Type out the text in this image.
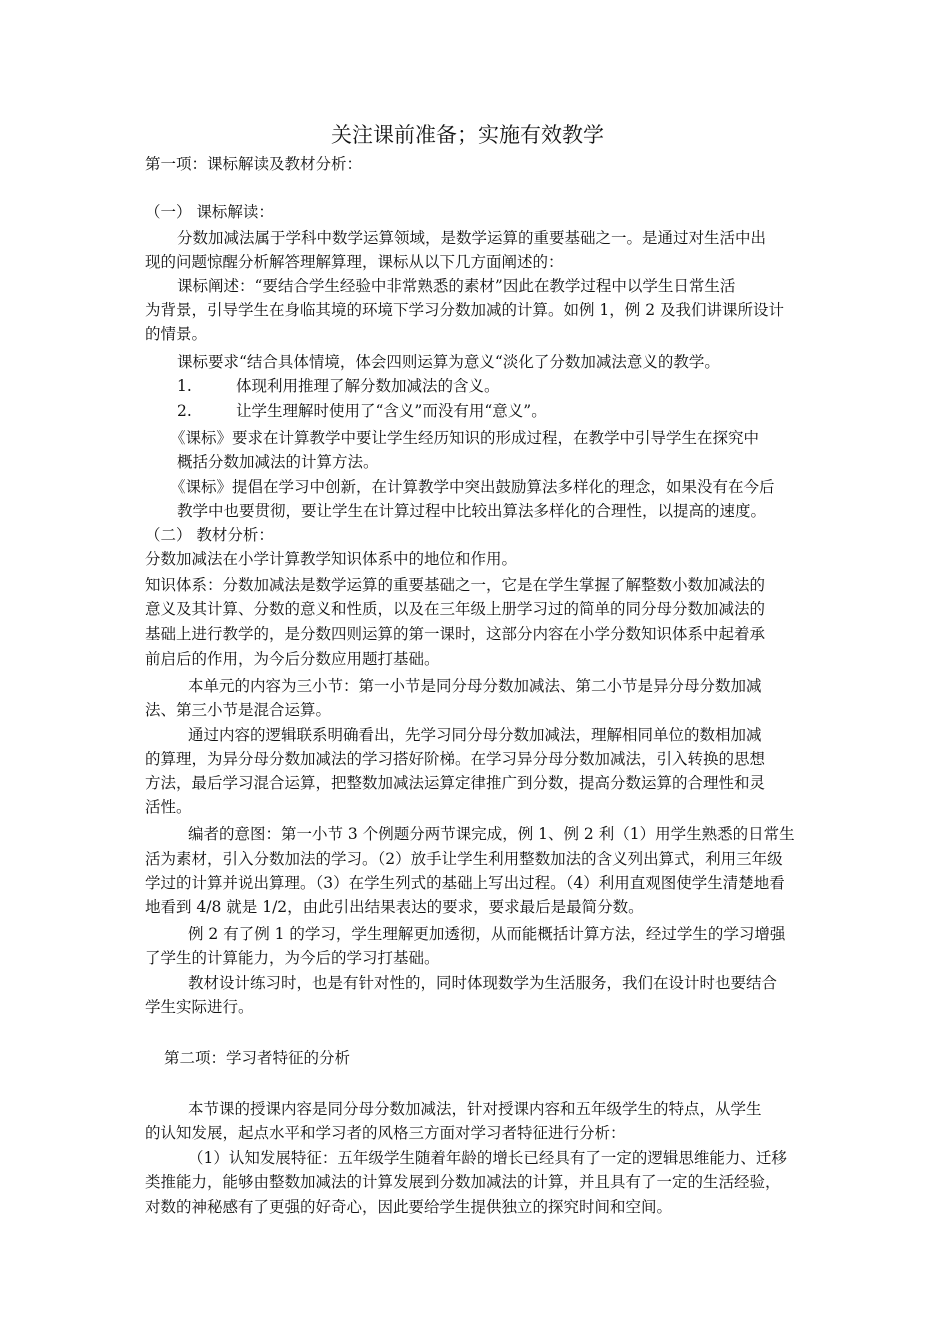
关注课前准备；实施有效教学
第一项：课标解读及教材分析：
（一） 课标解读：
分数加减法属于学科中数学运算领域，是数学运算的重要基础之一。是通过对生活中出
现的问题惊醒分析解答理解算理，课标从以下几方面阐述的：
课标阐述：“要结合学生经验中非常熟悉的素材”因此在教学过程中以学生日常生活
为背景，引导学生在身临其境的环境下学习分数加减的计算。如例 1，例 2 及我们讲课所设计
的情景。
课标要求“结合具体情境，体会四则运算为意义“淡化了分数加减法意义的教学。
1.	体现利用推理了解分数加减法的含义。
2.	让学生理解时使用了“含义”而没有用“意义”。
《课标》要求在计算教学中要让学生经历知识的形成过程，在教学中引导学生在探究中
概括分数加减法的计算方法。
《课标》提倡在学习中创新，在计算教学中突出鼓励算法多样化的理念，如果没有在今后
教学中也要贯彻，要让学生在计算过程中比较出算法多样化的合理性，以提高的速度。
（二） 教材分析：
分数加减法在小学计算教学知识体系中的地位和作用。
知识体系：分数加减法是数学运算的重要基础之一，它是在学生掌握了解整数小数加减法的
意义及其计算、分数的意义和性质，以及在三年级上册学习过的简单的同分母分数加减法的
基础上进行教学的，是分数四则运算的第一课时，这部分内容在小学分数知识体系中起着承
前启后的作用，为今后分数应用题打基础。
本单元的内容为三小节：第一小节是同分母分数加减法、第二小节是异分母分数加减
法、第三小节是混合运算。
通过内容的逻辑联系明确看出，先学习同分母分数加减法，理解相同单位的数相加减
的算理，为异分母分数加减法的学习搭好阶梯。在学习异分母分数加减法，引入转换的思想
方法，最后学习混合运算，把整数加减法运算定律推广到分数，提高分数运算的合理性和灵
活性。
编者的意图：第一小节 3 个例题分两节课完成，例 1、例 2 利（1）用学生熟悉的日常生
活为素材，引入分数加法的学习。（2）放手让学生利用整数加法的含义列出算式，利用三年级
学过的计算并说出算理。（3）在学生列式的基础上写出过程。（4）利用直观图使学生清楚地看
地看到 4/8 就是 1/2，由此引出结果表达的要求，要求最后是最简分数。
例 2 有了例 1 的学习，学生理解更加透彻，从而能概括计算方法，经过学生的学习增强
了学生的计算能力，为今后的学习打基础。
教材设计练习时，也是有针对性的，同时体现数学为生活服务，我们在设计时也要结合
学生实际进行。
第二项：学习者特征的分析
本节课的授课内容是同分母分数加减法，针对授课内容和五年级学生的特点，从学生
的认知发展，起点水平和学习者的风格三方面对学习者特征进行分析：
（1）认知发展特征：五年级学生随着年龄的增长已经具有了一定的逻辑思维能力、迁移
类推能力，能够由整数加减法的计算发展到分数加减法的计算，并且具有了一定的生活经验，
对数的神秘感有了更强的好奇心，因此要给学生提供独立的探究时间和空间。
